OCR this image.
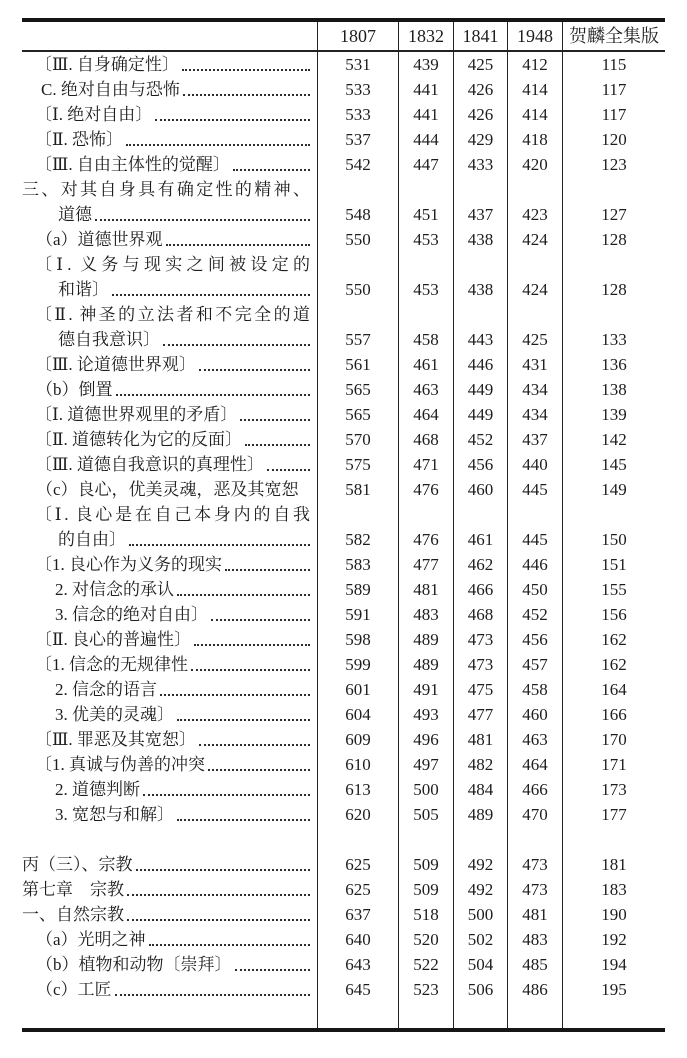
1807	1832	1841	1948 贺麟全集版
〔Ⅲ. 自身确定性〕	531	439 425 412	115
C. 绝对自由与恐怖	533	441 426 414	117
〔Ⅰ. 绝对自由〕	533	441 426 414	117
〔Ⅱ. 恐怖〕	537	444 429 418	120
〔Ⅲ. 自由主体性的觉醒〕	542	447 433 420	123
三、对其自身具有确定性的精神、
道德	548	451 437 423	127
（a）道德世界观	550	453 438 424	128
〔Ⅰ. 义务与现实之间被设定的
和谐〕	550	453 438 424	128
〔Ⅱ. 神圣的立法者和不完全的道
德自我意识〕	557	458 443 425	133
〔Ⅲ. 论道德世界观〕	561	461 446 431	136
（b）倒置	565	463 449 434	138
〔Ⅰ. 道德世界观里的矛盾〕	565	464 449 434	139
〔Ⅱ. 道德转化为它的反面〕	570	468 452 437	142
〔Ⅲ. 道德自我意识的真理性〕	575	471 456 440	145
（c）良心，优美灵魂，恶及其宽恕	581	476 460 445	149
〔Ⅰ. 良心是在自己本身内的自我
的自由〕	582	476 461 445	150
〔1. 良心作为义务的现实	583	477 462 446	151
2. 对信念的承认	589	481 466 450	155
3. 信念的绝对自由〕	591	483 468 452	156
〔Ⅱ. 良心的普遍性〕	598	489 473 456	162
〔1. 信念的无规律性	599	489 473 457	162
2. 信念的语言	601	491 475 458	164
3. 优美的灵魂〕	604	493 477 460	166
〔Ⅲ. 罪恶及其宽恕〕	609	496 481 463	170
〔1. 真诚与伪善的冲突	610	497 482 464	171
2. 道德判断	613	500 484 466	173
3. 宽恕与和解〕	620	505 489 470	177
丙（三）、宗教	625	509 492 473	181
第七章　宗教	625	509 492 473	183
一、自然宗教	637	518 500 481	190
（a）光明之神	640	520 502 483	192
（b）植物和动物〔崇拜〕	643	522 504 485	194
（c）工匠	645	523 506 486	195
